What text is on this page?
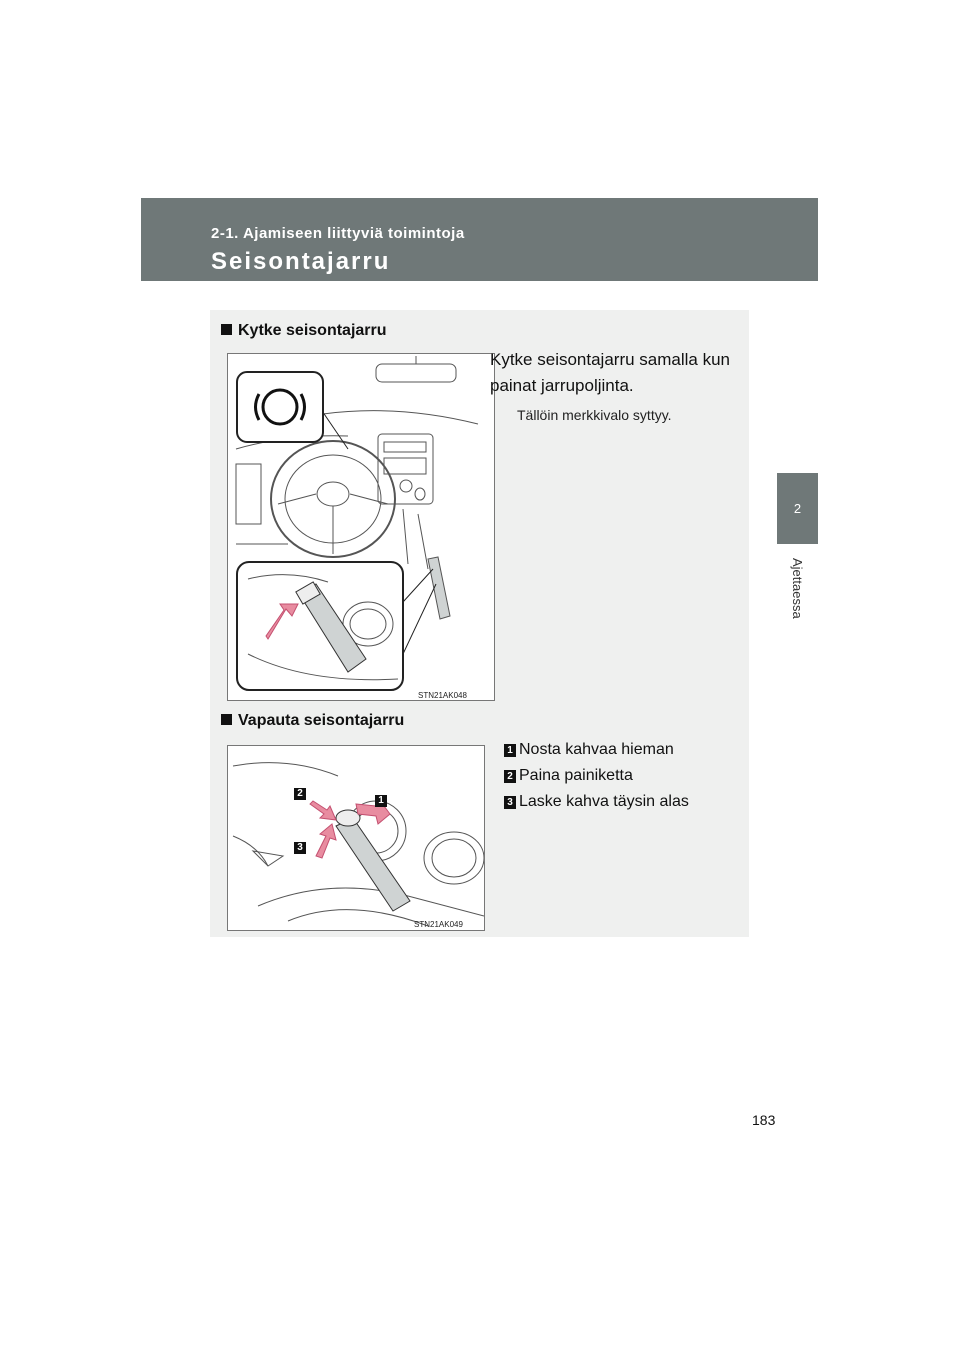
2-1. Ajamiseen liittyviä toimintoja
Seisontajarru
2
Ajettaessa
Kytke seisontajarru
STN21AK048
Kytke seisontajarru samalla kun painat jarrupoljinta.
Tällöin merkkivalo syttyy.
Vapauta seisontajarru
2
1
3
STN21AK049
1 Nosta kahvaa hieman
2 Paina painiketta
3 Laske kahva täysin alas
183
